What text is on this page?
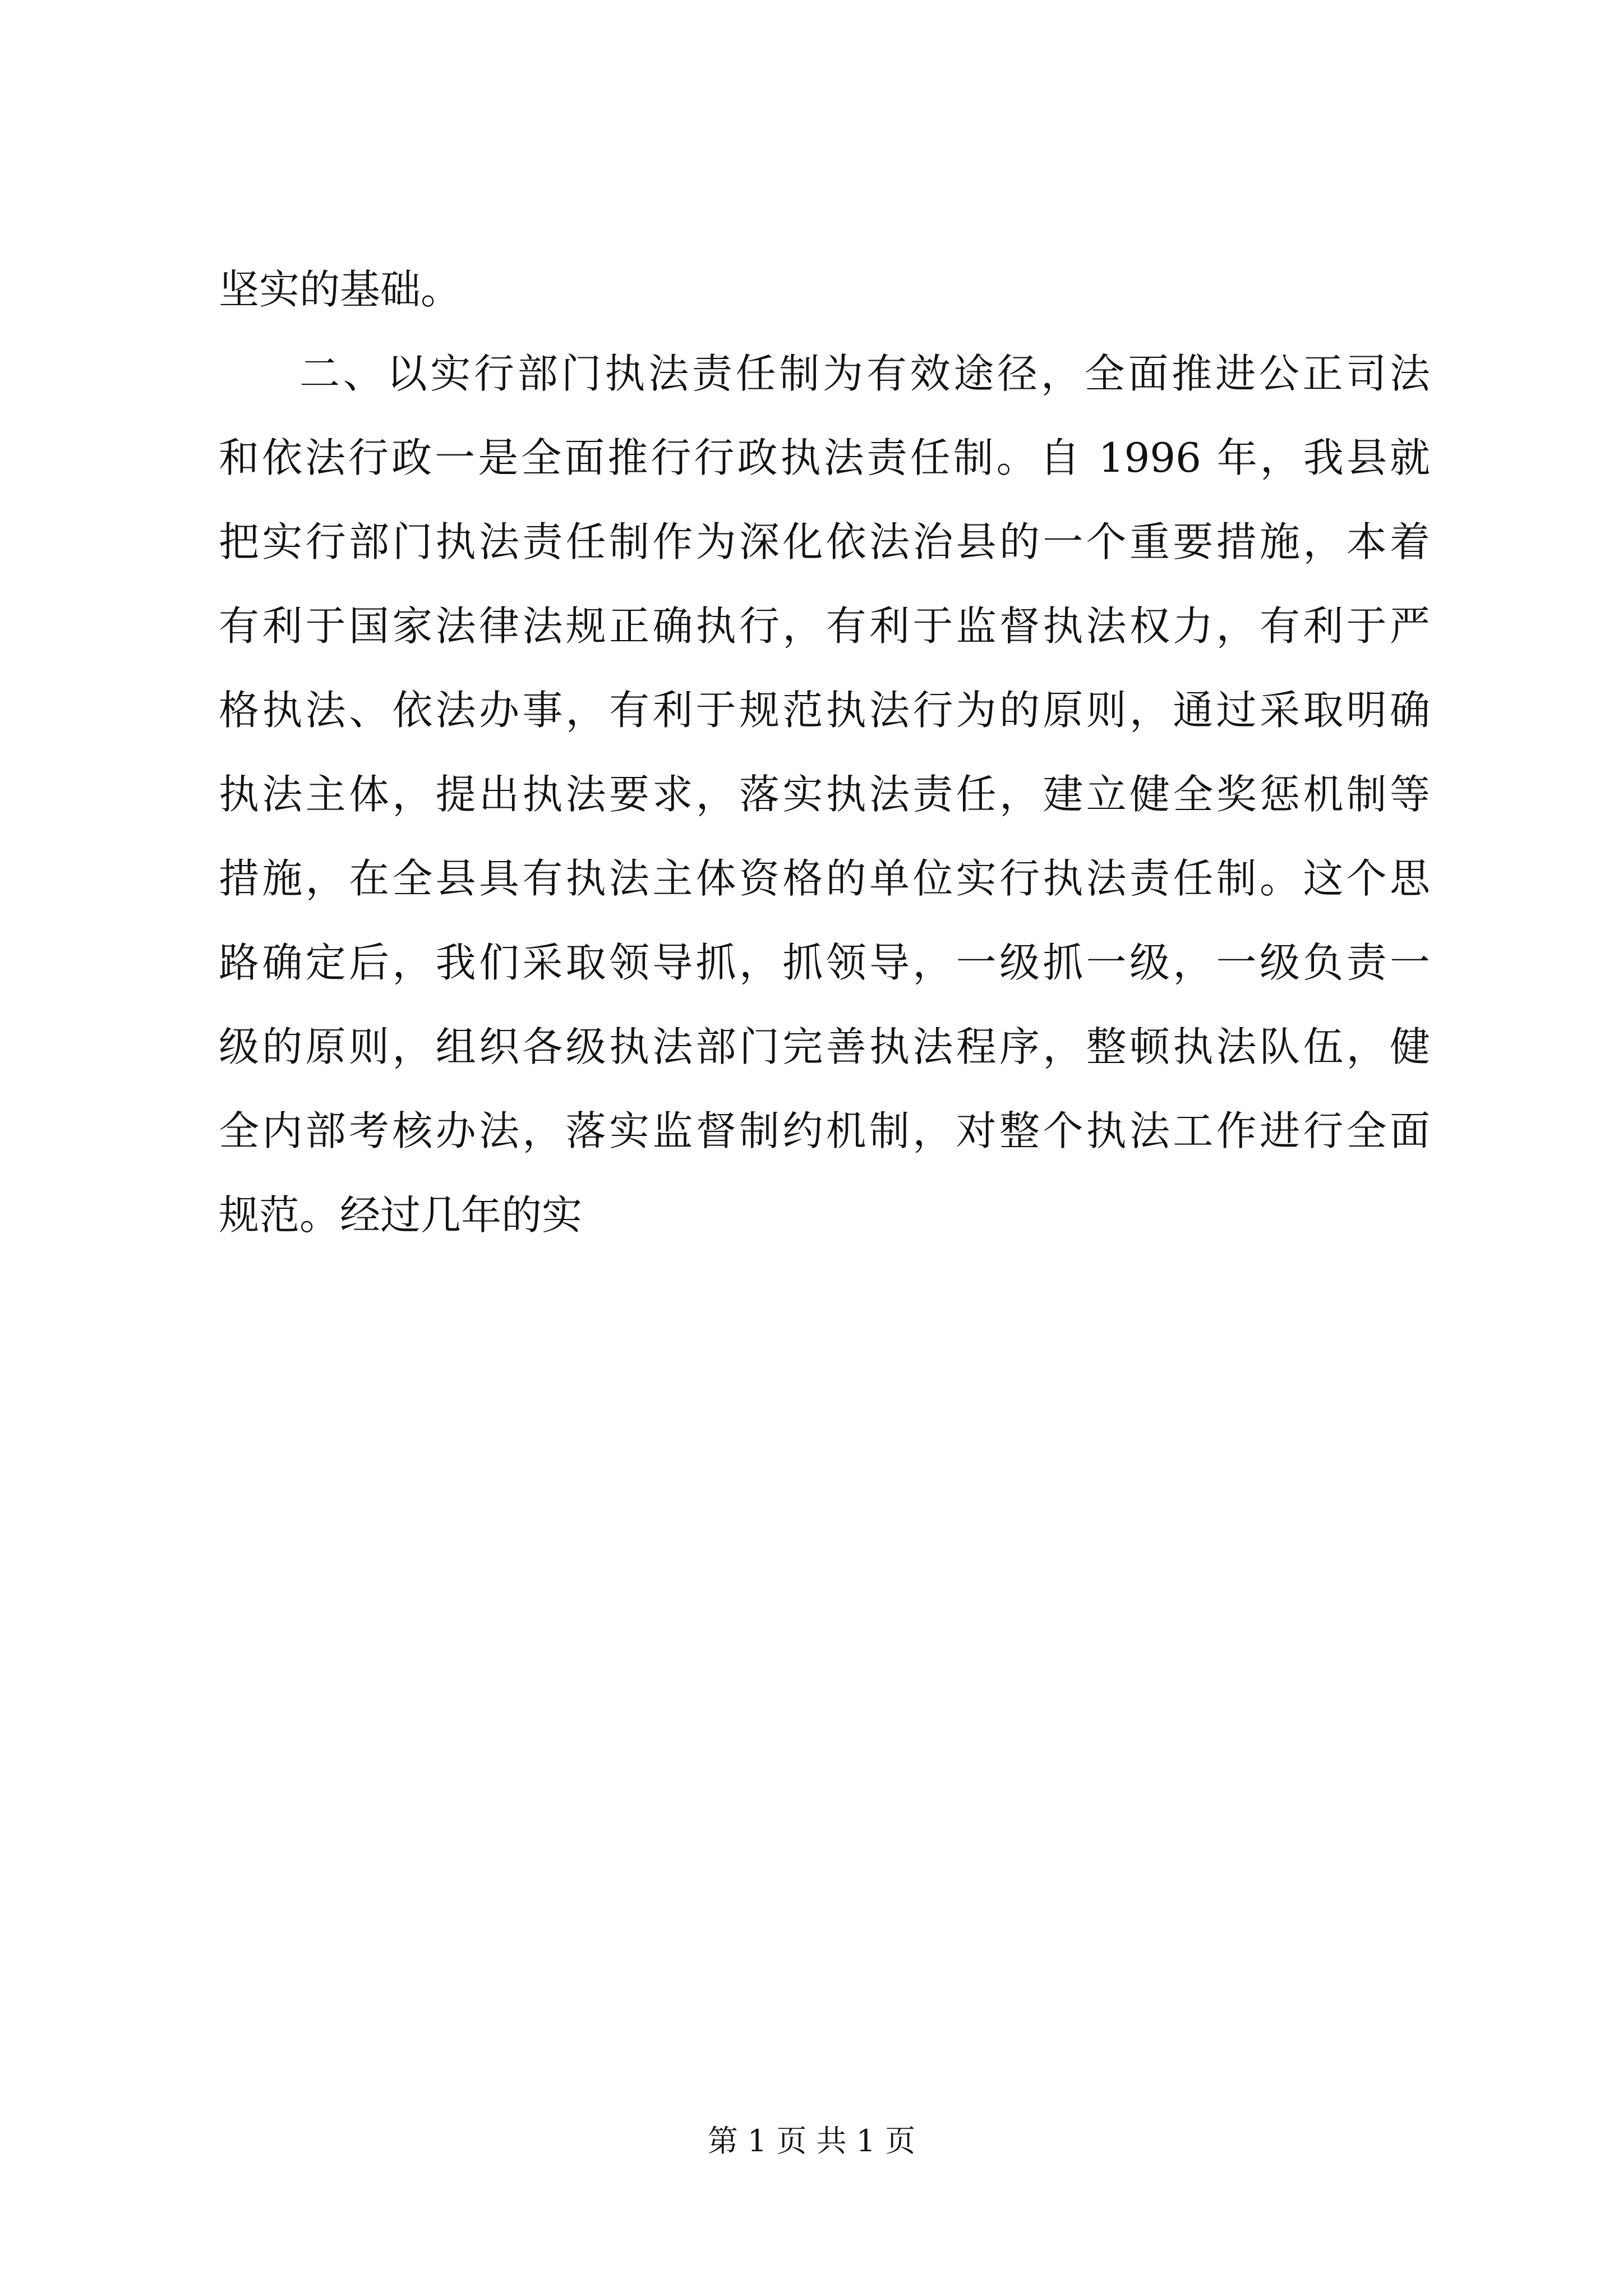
坚实的基础。
二、以实行部门执法责任制为有效途径，全面推进公正司法
和依法行政一是全面推行行政执法责任制。自 1996 年，我县就
把实行部门执法责任制作为深化依法治县的一个重要措施，本着
有利于国家法律法规正确执行，有利于监督执法权力，有利于严
格执法、依法办事，有利于规范执法行为的原则，通过采取明确
执法主体，提出执法要求，落实执法责任，建立健全奖惩机制等
措施，在全县具有执法主体资格的单位实行执法责任制。这个思
路确定后，我们采取领导抓，抓领导，一级抓一级，一级负责一
级的原则，组织各级执法部门完善执法程序，整顿执法队伍，健
全内部考核办法，落实监督制约机制，对整个执法工作进行全面
规范。经过几年的实
第 1 页 共 1 页
